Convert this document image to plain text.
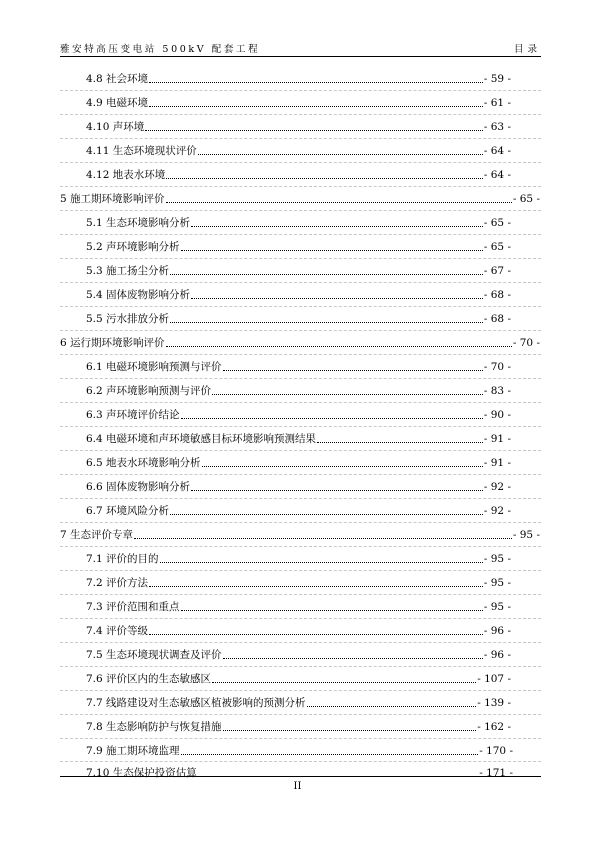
雅安特高压变电站 500kV 配套工程	目录
4.8 社会环境	- 59 -
4.9 电磁环境	- 61 -
4.10 声环境	- 63 -
4.11 生态环境现状评价	- 64 -
4.12 地表水环境	- 64 -
5 施工期环境影响评价	- 65 -
5.1 生态环境影响分析	- 65 -
5.2 声环境影响分析	- 65 -
5.3 施工扬尘分析	- 67 -
5.4 固体废物影响分析	- 68 -
5.5 污水排放分析	- 68 -
6 运行期环境影响评价	- 70 -
6.1 电磁环境影响预测与评价	- 70 -
6.2 声环境影响预测与评价	- 83 -
6.3 声环境评价结论	- 90 -
6.4 电磁环境和声环境敏感目标环境影响预测结果	- 91 -
6.5 地表水环境影响分析	- 91 -
6.6 固体废物影响分析	- 92 -
6.7 环境风险分析	- 92 -
7 生态评价专章	- 95 -
7.1 评价的目的	- 95 -
7.2 评价方法	- 95 -
7.3 评价范围和重点	- 95 -
7.4 评价等级	- 96 -
7.5 生态环境现状调查及评价	- 96 -
7.6 评价区内的生态敏感区	- 107 -
7.7 线路建设对生态敏感区植被影响的预测分析	- 139 -
7.8 生态影响防护与恢复措施	- 162 -
7.9 施工期环境监理	- 170 -
7.10 生态保护投资估算	- 171 -
II
